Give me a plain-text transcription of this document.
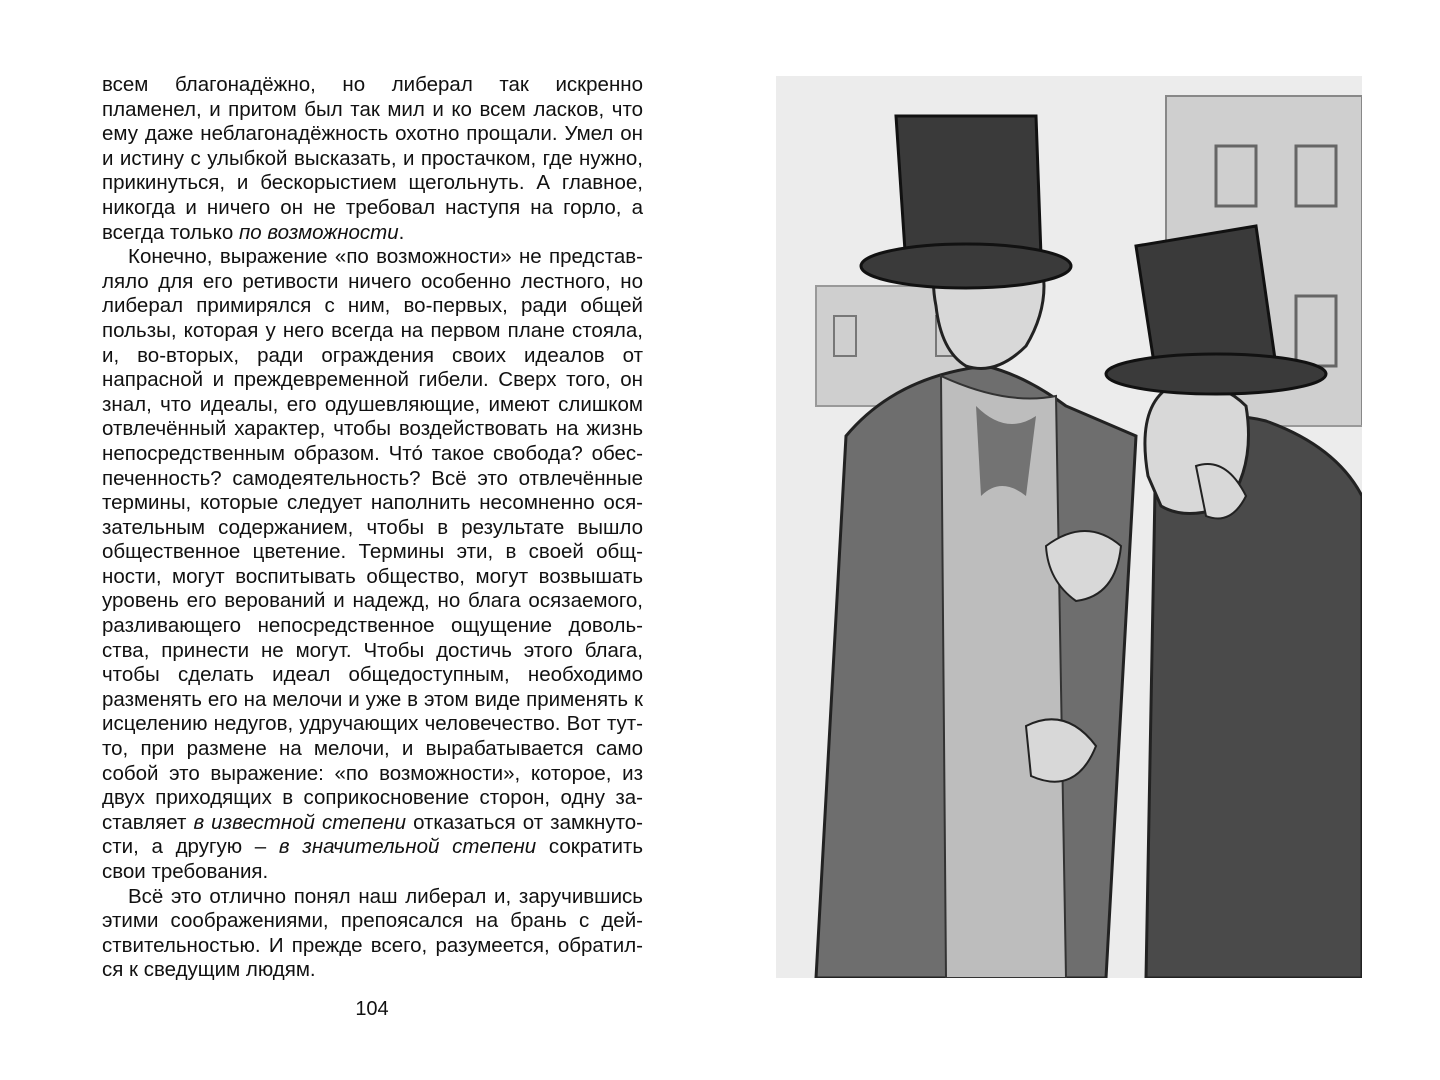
всем благонадёжно, но либерал так искренно пламенел, и притом был так мил и ко всем ласков, что ему даже неблагонадёжность охотно прощали. Умел он и истину с улыбкой высказать, и простачком, где нужно, прикинуться, и бескорыстием щегольнуть. А главное, никогда и ничего он не требовал наступя на горло, а всегда только по возможности.

Конечно, выражение «по возможности» не представляло для его ретивости ничего особенно лестного, но либерал примирялся с ним, во-первых, ради общей пользы, которая у него всегда на первом плане стояла, и, во-вторых, ради ограждения своих идеалов от напрасной и преждевременной гибели. Сверх того, он знал, что идеалы, его одушевляющие, имеют слишком отвлечённый характер, чтобы воздействовать на жизнь непосредственным образом. Что́ такое свобода? обеспеченность? самодеятельность? Всё это отвлечённые термины, которые следует наполнить несомненно осязательным содержанием, чтобы в результате вышло общественное цветение. Термины эти, в своей общности, могут воспитывать общество, могут возвышать уровень его верований и надежд, но блага осязаемого, разливающего непосредственное ощущение довольства, принести не могут. Чтобы достичь этого блага, чтобы сделать идеал общедоступным, необходимо разменять его на мелочи и уже в этом виде применять к исцелению недугов, удручающих человечество. Вот тут-то, при размене на мелочи, и вырабатывается само собой это выражение: «по возможности», которое, из двух приходящих в соприкосновение сторон, одну заставляет в известной степени отказаться от замкнутости, а другую – в значительной степени сократить свои требования.

Всё это отлично понял наш либерал и, заручившись этими соображениями, препоясался на брань с действительностью. И прежде всего, разумеется, обратился к сведущим людям.

104
